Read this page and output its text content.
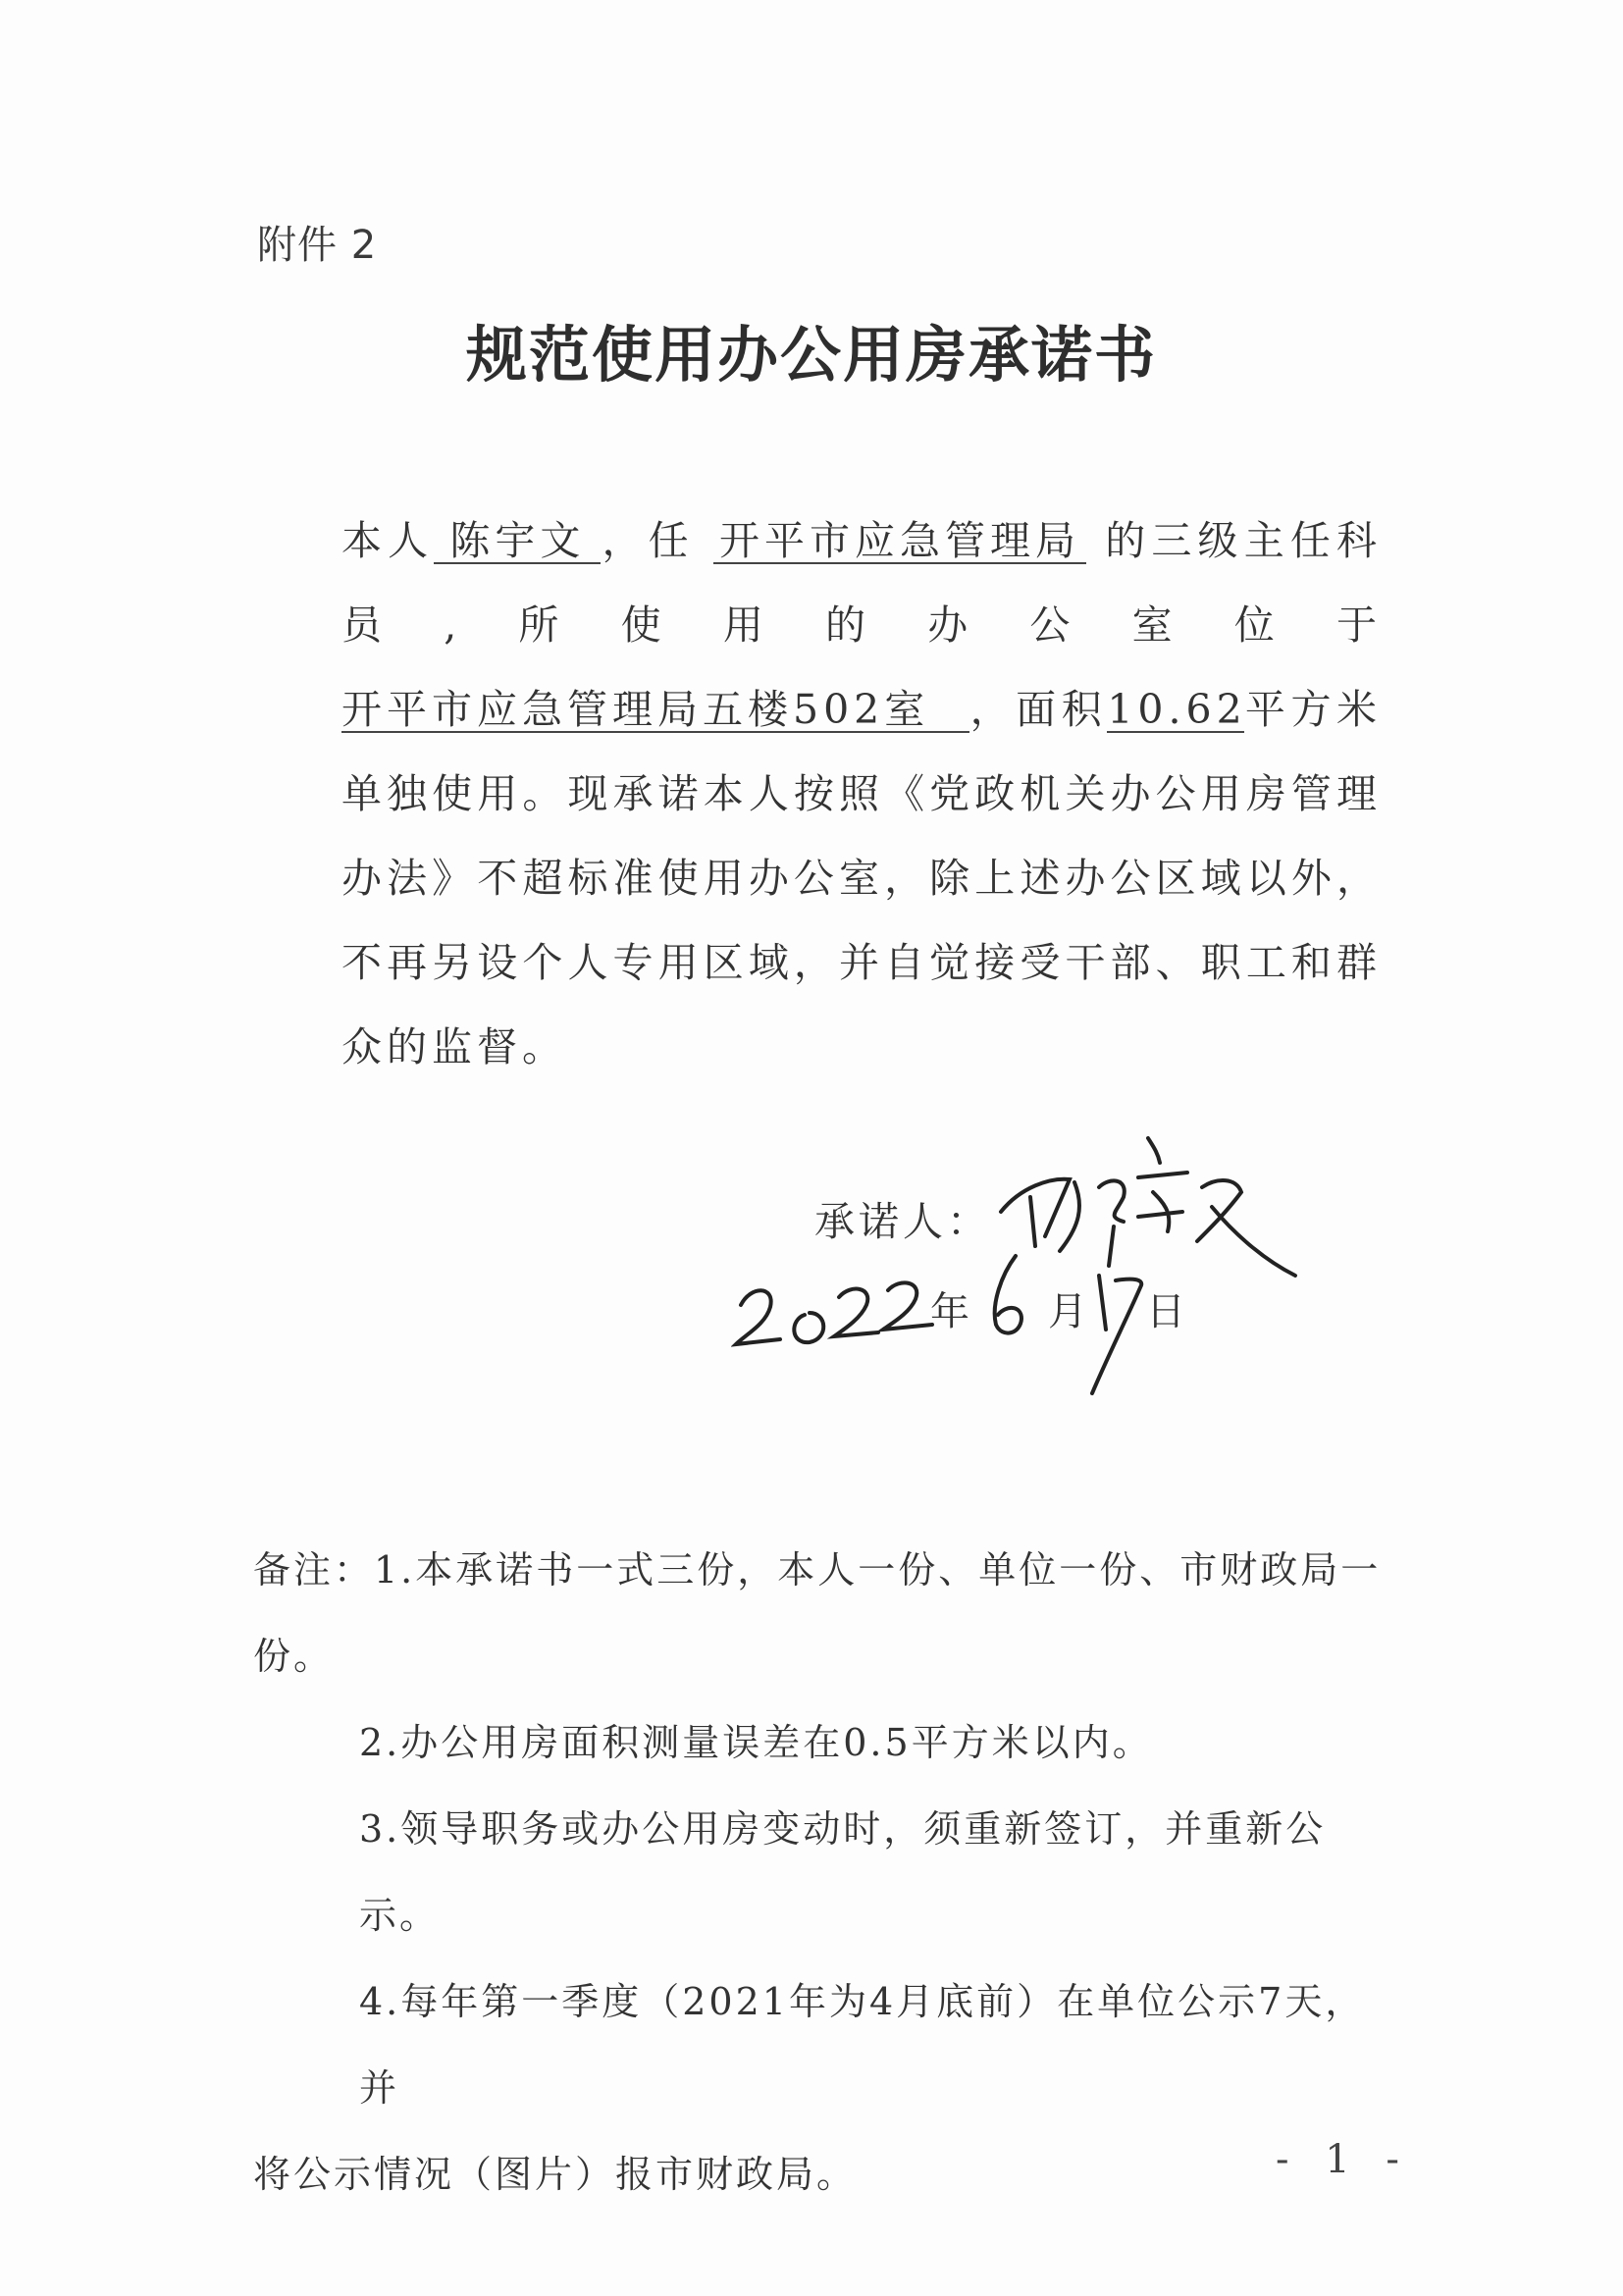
附件 2
规范使用办公用房承诺书

本人 陈宇文 ，任 开平市应急管理局 的三级主任科员,所使用的办公室位于开平市应急管理局五楼502室 ，面积10.62平方米单独使用。现承诺本人按照《党政机关办公用房管理办法》不超标准使用办公室，除上述办公区域以外，不再另设个人专用区域，并自觉接受干部、职工和群众的监督。

承诺人：
年 月 日

备注：1.本承诺书一式三份，本人一份、单位一份、市财政局一份。

2.办公用房面积测量误差在0.5平方米以内。

3.领导职务或办公用房变动时，须重新签订，并重新公示。

4.每年第一季度（2021年为4月底前）在单位公示7天，并

将公示情况（图片）报市财政局。	- 1 -
